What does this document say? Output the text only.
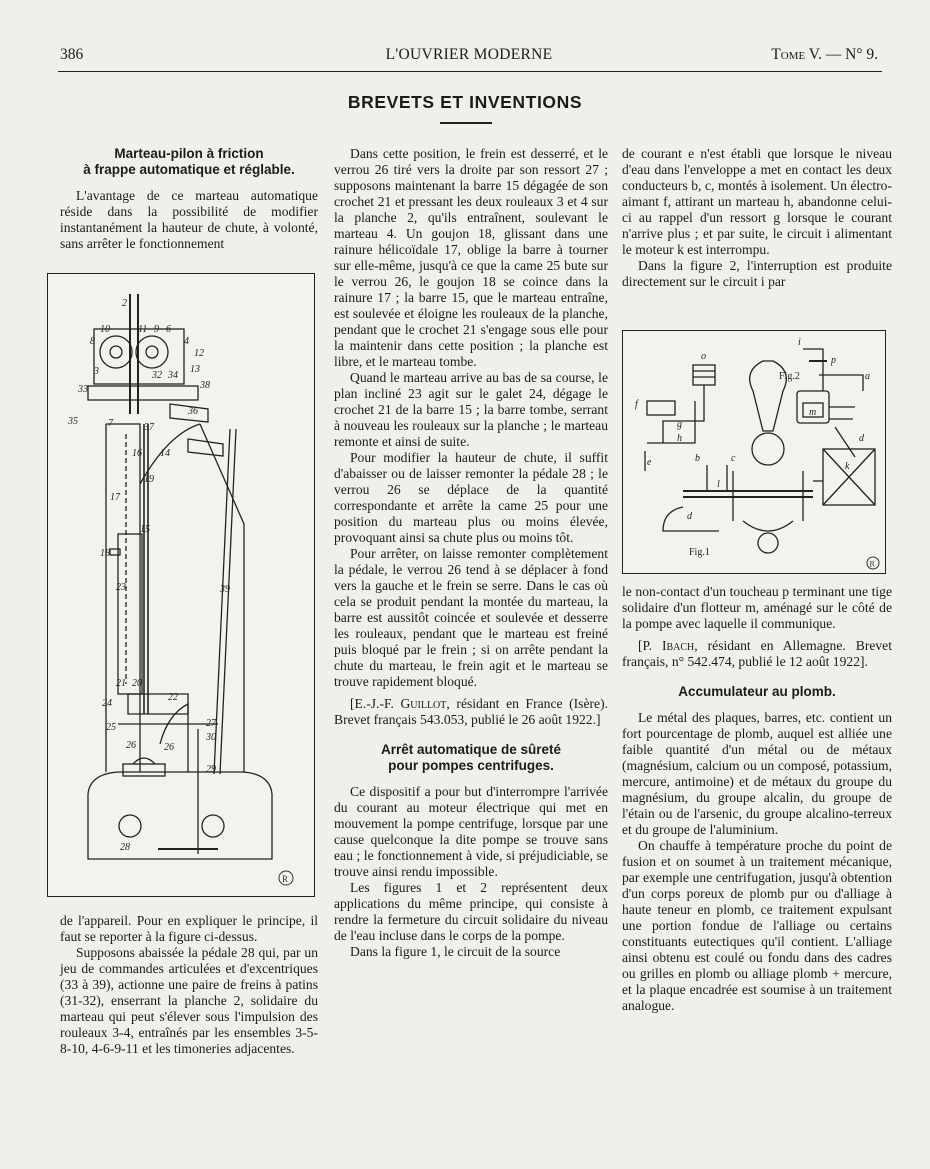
386	L'OUVRIER MODERNE	Tome V. — N° 9.
BREVETS ET INVENTIONS
Marteau-pilon à friction
à frappe automatique et réglable.

L'avantage de ce marteau automatique réside dans la possibilité de modifier instantanément la hauteur de chute, à volonté, sans arrêter le fonctionnement

2
10	11 9 6
8	4
12
13
33
32 34
38
3
36
35	7	37
16 14
19
17
15
18
23	39
21 20
24
22
25	27
30
26	26
29
28
R

de l'appareil. Pour en expliquer le principe, il faut se reporter à la figure ci-dessus.

Supposons abaissée la pédale 28 qui, par un jeu de commandes articulées et d'excentriques (33 à 39), actionne une paire de freins à patins (31-32), enserrant la planche 2, solidaire du marteau qui peut s'élever sous l'impulsion des rouleaux 3-4, entraînés par les ensembles 3-5-8-10, 4-6-9-11 et les timoneries adjacentes.

Dans cette position, le frein est desserré, et le verrou 26 tiré vers la droite par son ressort 27 ; supposons maintenant la barre 15 dégagée de son crochet 21 et pressant les deux rouleaux 3 et 4 sur la planche 2, qu'ils entraînent, soulevant le marteau 4. Un goujon 18, glissant dans une rainure hélicoïdale 17, oblige la barre à tourner sur elle-même, jusqu'à ce que la came 25 bute sur le verrou 26, le goujon 18 se coince dans la rainure 17 ; la barre 15, que le marteau entraîne, est soulevée et éloigne les rouleaux de la planche, pendant que le crochet 21 s'engage sous elle pour la maintenir dans cette position ; la planche est libre, et le marteau tombe.

Quand le marteau arrive au bas de sa course, le plan incliné 23 agit sur le galet 24, dégage le crochet 21 de la barre 15 ; la barre tombe, serrant à nouveau les rouleaux sur la planche ; le marteau remonte et ainsi de suite.

Pour modifier la hauteur de chute, il suffit d'abaisser ou de laisser remonter la pédale 28 ; le verrou 26 se déplace de la quantité correspondante et arrête la came 25 pour une position du marteau plus ou moins élevée, provoquant ainsi sa chute plus ou moins tôt.

Pour arrêter, on laisse remonter complètement la pédale, le verrou 26 tend à se déplacer à fond vers la gauche et le frein se serre. Dans le cas où cela se produit pendant la montée du marteau, la barre est aussitôt coincée et soulevée et desserre les rouleaux, pendant que le marteau est freiné puis bloqué par le frein ; si on arrête pendant la chute du marteau, le frein agit et le marteau se trouve rapidement bloqué.

[E.-J.-F. Guillot, résidant en France (Isère). Brevet français 543.053, publié le 26 août 1922.]

Arrêt automatique de sûreté
pour pompes centrifuges.

Ce dispositif a pour but d'interrompre l'arrivée du courant au moteur électrique qui met en mouvement la pompe centrifuge, lorsque par une cause quelconque la dite pompe se trouve sans eau ; le fonctionnement à vide, si préjudiciable, se trouve ainsi rendu impossible.

Les figures 1 et 2 représentent deux applications du même principe, qui consiste à rendre la fermeture du circuit solidaire du niveau de l'eau incluse dans le corps de la pompe.

Dans la figure 1, le circuit de la source

de courant e n'est établi que lorsque le niveau d'eau dans l'enveloppe a met en contact les deux conducteurs b, c, montés à isolement. Un électro-aimant f, attirant un marteau h, abandonne celui-ci au rappel d'un ressort g lorsque le courant n'arrive plus ; et par suite, le circuit i alimentant le moteur k est interrompu.

Dans la figure 2, l'interruption est produite directement sur le circuit i par

i
p
o
Fig.2	a
m
d
f
g
h
e	b	c
k
l
d
Fig.1
R

le non-contact d'un toucheau p terminant une tige solidaire d'un flotteur m, aménagé sur le côté de la pompe avec laquelle il communique.

[P. Ibach, résidant en Allemagne. Brevet français, n° 542.474, publié le 12 août 1922].

Accumulateur au plomb.

Le métal des plaques, barres, etc. contient un fort pourcentage de plomb, auquel est alliée une faible quantité d'un métal ou de métaux (magnésium, calcium ou un composé, potassium, mercure, antimoine) et de métaux du groupe du magnésium, du groupe alcalin, du groupe de l'étain ou de l'arsenic, du groupe alcalino-terreux et du groupe de l'aluminium.

On chauffe à température proche du point de fusion et on soumet à un traitement mécanique, par exemple une centrifugation, jusqu'à obtention d'un corps poreux de plomb pur ou d'alliage à haute teneur en plomb, ce traitement expulsant une portion fondue de l'alliage ou certains constituants eutectiques qu'il contient. L'alliage ainsi obtenu est coulé ou fondu dans des cadres ou grilles en plomb ou alliage plomb + mercure, et la plaque encadrée est soumise à un traitement analogue.
